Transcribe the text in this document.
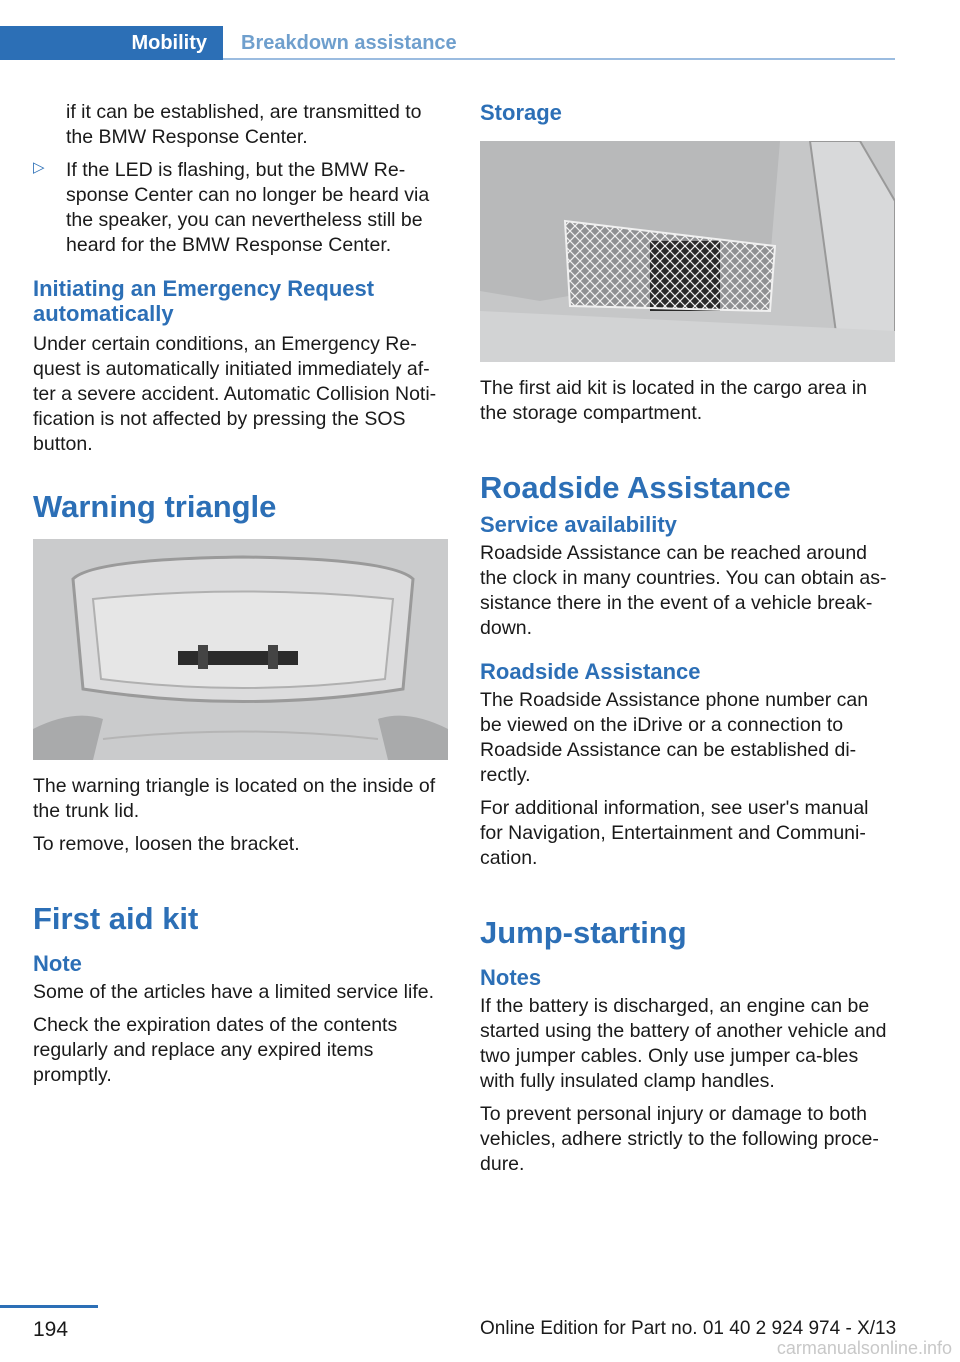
Mobility Breakdown assistance

if it can be established, are transmitted to the BMW Response Center.

▷ If the LED is flashing, but the BMW Re‐sponse Center can no longer be heard via the speaker, you can nevertheless still be heard for the BMW Response Center.

Initiating an Emergency Request automatically

Under certain conditions, an Emergency Re‐quest is automatically initiated immediately af‐ter a severe accident. Automatic Collision Noti‐fication is not affected by pressing the SOS button.

Warning triangle

The warning triangle is located on the inside of the trunk lid.

To remove, loosen the bracket.

First aid kit

Note

Some of the articles have a limited service life.

Check the expiration dates of the contents regularly and replace any expired items promptly.

Storage

The first aid kit is located in the cargo area in the storage compartment.

Roadside Assistance

Service availability

Roadside Assistance can be reached around the clock in many countries. You can obtain as‐sistance there in the event of a vehicle break‐down.

Roadside Assistance

The Roadside Assistance phone number can be viewed on the iDrive or a connection to Roadside Assistance can be established di‐rectly.

For additional information, see user's manual for Navigation, Entertainment and Communi‐cation.

Jump-starting

Notes

If the battery is discharged, an engine can be started using the battery of another vehicle and two jumper cables. Only use jumper ca‐bles with fully insulated clamp handles.

To prevent personal injury or damage to both vehicles, adhere strictly to the following proce‐dure.

194	Online Edition for Part no. 01 40 2 924 974 - X/13
carmanualsonline.info
